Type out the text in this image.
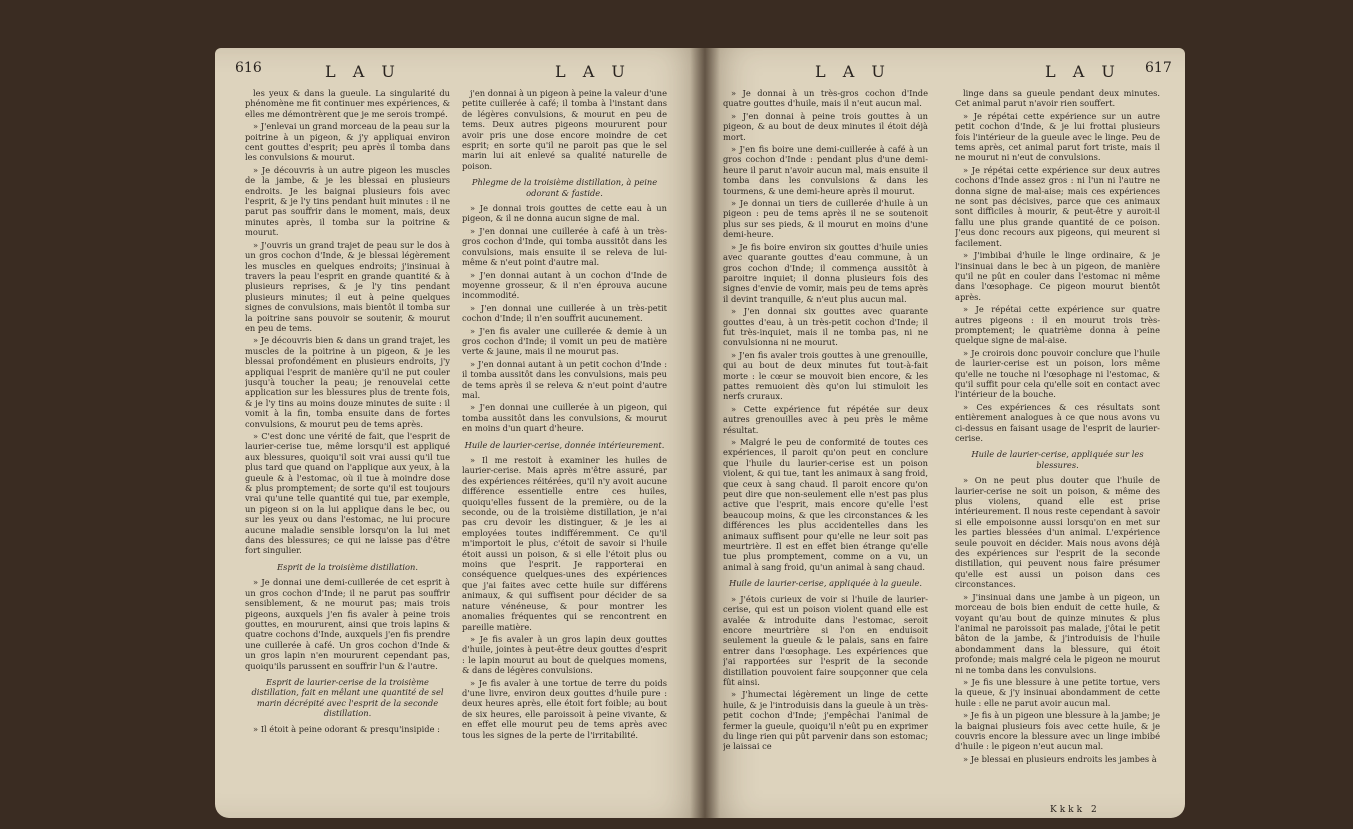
616	L A U	L A U

les yeux & dans la gueule. La singularité du phénomène me fit continuer mes expériences, & elles me démontrèrent que je me serois trompé.

» J'enlevai un grand morceau de la peau sur la poitrine à un pigeon, & j'y appliquai environ cent gouttes d'esprit; peu après il tomba dans les convulsions & mourut.

» Je découvris à un autre pigeon les muscles de la jambe, & je les blessai en plusieurs endroits. Je les baignai plusieurs fois avec l'esprit, & je l'y tins pendant huit minutes : il ne parut pas souffrir dans le moment, mais, deux minutes après, il tomba sur la poitrine & mourut.

» J'ouvris un grand trajet de peau sur le dos à un gros cochon d'Inde, & je blessai légèrement les muscles en quelques endroits; j'insinuai à travers la peau l'esprit en grande quantité & à plusieurs reprises, & je l'y tins pendant plusieurs minutes; il eut à peine quelques signes de convulsions, mais bientôt il tomba sur la poitrine sans pouvoir se soutenir, & mourut en peu de tems.

» Je découvris bien & dans un grand trajet, les muscles de la poitrine à un pigeon, & je les blessai profondément en plusieurs endroits, j'y appliquai l'esprit de manière qu'il ne put couler jusqu'à toucher la peau; je renouvelai cette application sur les blessures plus de trente fois, & je l'y tins au moins douze minutes de suite : il vomit à la fin, tomba ensuite dans de fortes convulsions, & mourut peu de tems après.

» C'est donc une vérité de fait, que l'esprit de laurier-cerise tue, même lorsqu'il est appliqué aux blessures, quoiqu'il soit vrai aussi qu'il tue plus tard que quand on l'applique aux yeux, à la gueule & à l'estomac, où il tue à moindre dose & plus promptement; de sorte qu'il est toujours vrai qu'une telle quantité qui tue, par exemple, un pigeon si on la lui applique dans le bec, ou sur les yeux ou dans l'estomac, ne lui procure aucune maladie sensible lorsqu'on la lui met dans des blessures; ce qui ne laisse pas d'être fort singulier.

Esprit de la troisième distillation.

» Je donnai une demi-cuillerée de cet esprit à un gros cochon d'Inde; il ne parut pas souffrir sensiblement, & ne mourut pas; mais trois pigeons, auxquels j'en fis avaler à peine trois gouttes, en moururent, ainsi que trois lapins & quatre cochons d'Inde, auxquels j'en fis prendre une cuillerée à café. Un gros cochon d'Inde & un gros lapin n'en moururent cependant pas, quoiqu'ils parussent en souffrir l'un & l'autre.

Esprit de laurier-cerise de la troisième distillation, fait en mêlant une quantité de sel marin décrépité avec l'esprit de la seconde distillation.

» Il étoit à peine odorant & presqu'insipide :

j'en donnai à un pigeon à peine la valeur d'une petite cuillerée à café; il tomba à l'instant dans de légères convulsions, & mourut en peu de tems. Deux autres pigeons moururent pour avoir pris une dose encore moindre de cet esprit; en sorte qu'il ne paroit pas que le sel marin lui ait enlevé sa qualité naturelle de poison.

Phlegme de la troisième distillation, à peine odorant & fastide.

» Je donnai trois gouttes de cette eau à un pigeon, & il ne donna aucun signe de mal.

» J'en donnai une cuillerée à café à un très-gros cochon d'Inde, qui tomba aussitôt dans les convulsions, mais ensuite il se releva de lui-même & n'eut point d'autre mal.

» J'en donnai autant à un cochon d'Inde de moyenne grosseur, & il n'en éprouva aucune incommodité.

» J'en donnai une cuillerée à un très-petit cochon d'Inde; il n'en souffrit aucunement.

» J'en fis avaler une cuillerée & demie à un gros cochon d'Inde; il vomit un peu de matière verte & jaune, mais il ne mourut pas.

» J'en donnai autant à un petit cochon d'Inde : il tomba aussitôt dans les convulsions, mais peu de tems après il se releva & n'eut point d'autre mal.

» J'en donnai une cuillerée à un pigeon, qui tomba aussitôt dans les convulsions, & mourut en moins d'un quart d'heure.

Huile de laurier-cerise, donnée intérieurement.

» Il me restoit à examiner les huiles de laurier-cerise. Mais après m'être assuré, par des expériences réitérées, qu'il n'y avoit aucune différence essentielle entre ces huiles, quoiqu'elles fussent de la première, ou de la seconde, ou de la troisième distillation, je n'ai pas cru devoir les distinguer, & je les ai employées toutes indifféremment. Ce qu'il m'importoit le plus, c'étoit de savoir si l'huile étoit aussi un poison, & si elle l'étoit plus ou moins que l'esprit. Je rapporterai en conséquence quelques-unes des expériences que j'ai faites avec cette huile sur différens animaux, & qui suffisent pour décider de sa nature vénéneuse, & pour montrer les anomalies fréquentes qui se rencontrent en pareille matière.

» Je fis avaler à un gros lapin deux gouttes d'huile, jointes à peut-être deux gouttes d'esprit : le lapin mourut au bout de quelques momens, & dans de légères convulsions.

» Je fis avaler à une tortue de terre du poids d'une livre, environ deux gouttes d'huile pure : deux heures après, elle étoit fort foible; au bout de six heures, elle paroissoit à peine vivante, & en effet elle mourut peu de tems après avec tous les signes de la perte de l'irritabilité.

L A U	L A U 617

» Je donnai à un très-gros cochon d'Inde quatre gouttes d'huile, mais il n'eut aucun mal.

» J'en donnai à peine trois gouttes à un pigeon, & au bout de deux minutes il étoit déjà mort.

» J'en fis boire une demi-cuillerée à café à un gros cochon d'Inde : pendant plus d'une demi-heure il parut n'avoir aucun mal, mais ensuite il tomba dans les convulsions & dans les tourmens, & une demi-heure après il mourut.

» Je donnai un tiers de cuillerée d'huile à un pigeon : peu de tems après il ne se soutenoit plus sur ses pieds, & il mourut en moins d'une demi-heure.

» Je fis boire environ six gouttes d'huile unies avec quarante gouttes d'eau commune, à un gros cochon d'Inde; il commença aussitôt à paroitre inquiet; il donna plusieurs fois des signes d'envie de vomir, mais peu de tems après il devint tranquille, & n'eut plus aucun mal.

» J'en donnai six gouttes avec quarante gouttes d'eau, à un très-petit cochon d'Inde; il fut très-inquiet, mais il ne tomba pas, ni ne convulsionna ni ne mourut.

» J'en fis avaler trois gouttes à une grenouille, qui au bout de deux minutes fut tout-à-fait morte : le cœur se mouvoit bien encore, & les pattes remuoient dès qu'on lui stimuloit les nerfs cruraux.

» Cette expérience fut répétée sur deux autres grenouilles avec à peu près le même résultat.

» Malgré le peu de conformité de toutes ces expériences, il paroit qu'on peut en conclure que l'huile du laurier-cerise est un poison violent, & qui tue, tant les animaux à sang froid, que ceux à sang chaud. Il paroit encore qu'on peut dire que non-seulement elle n'est pas plus active que l'esprit, mais encore qu'elle l'est beaucoup moins, & que les circonstances & les différences les plus accidentelles dans les animaux suffisent pour qu'elle ne leur soit pas meurtrière. Il est en effet bien étrange qu'elle tue plus promptement, comme on a vu, un animal à sang froid, qu'un animal à sang chaud.

Huile de laurier-cerise, appliquée à la gueule.

» J'étois curieux de voir si l'huile de laurier-cerise, qui est un poison violent quand elle est avalée & introduite dans l'estomac, seroit encore meurtrière si l'on en enduisoit seulement la gueule & le palais, sans en faire entrer dans l'œsophage. Les expériences que j'ai rapportées sur l'esprit de la seconde distillation pouvoient faire soupçonner que cela fût ainsi.

» J'humectai légèrement un linge de cette huile, & je l'introduisis dans la gueule à un très-petit cochon d'Inde; j'empêchai l'animal de fermer la gueule, quoiqu'il n'eût pu en exprimer du linge rien qui pût parvenir dans son estomac; je laissai ce

linge dans sa gueule pendant deux minutes. Cet animal parut n'avoir rien souffert.

» Je répétai cette expérience sur un autre petit cochon d'Inde, & je lui frottai plusieurs fois l'intérieur de la gueule avec le linge. Peu de tems après, cet animal parut fort triste, mais il ne mourut ni n'eut de convulsions.

» Je répétai cette expérience sur deux autres cochons d'Inde assez gros : ni l'un ni l'autre ne donna signe de mal-aise; mais ces expériences ne sont pas décisives, parce que ces animaux sont difficiles à mourir, & peut-être y auroit-il fallu une plus grande quantité de ce poison. J'eus donc recours aux pigeons, qui meurent si facilement.

» J'imbibai d'huile le linge ordinaire, & je l'insinuai dans le bec à un pigeon, de manière qu'il ne pût en couler dans l'estomac ni même dans l'œsophage. Ce pigeon mourut bientôt après.

» Je répétai cette expérience sur quatre autres pigeons : il en mourut trois très-promptement; le quatrième donna à peine quelque signe de mal-aise.

» Je croirois donc pouvoir conclure que l'huile de laurier-cerise est un poison, lors même qu'elle ne touche ni l'œsophage ni l'estomac, & qu'il suffit pour cela qu'elle soit en contact avec l'intérieur de la bouche.

» Ces expériences & ces résultats sont entièrement analogues à ce que nous avons vu ci-dessus en faisant usage de l'esprit de laurier-cerise.

Huile de laurier-cerise, appliquée sur les blessures.

» On ne peut plus douter que l'huile de laurier-cerise ne soit un poison, & même des plus violens, quand elle est prise intérieurement. Il nous reste cependant à savoir si elle empoisonne aussi lorsqu'on en met sur les parties blessées d'un animal. L'expérience seule pouvoit en décider. Mais nous avons déjà des expériences sur l'esprit de la seconde distillation, qui peuvent nous faire présumer qu'elle est aussi un poison dans ces circonstances.

» J'insinuai dans une jambe à un pigeon, un morceau de bois bien enduit de cette huile, & voyant qu'au bout de quinze minutes & plus l'animal ne paroissoit pas malade, j'ôtai le petit bâton de la jambe, & j'introduisis de l'huile abondamment dans la blessure, qui étoit profonde; mais malgré cela le pigeon ne mourut ni ne tomba dans les convulsions.

» Je fis une blessure à une petite tortue, vers la queue, & j'y insinuai abondamment de cette huile : elle ne parut avoir aucun mal.

» Je fis à un pigeon une blessure à la jambe; je la baignai plusieurs fois avec cette huile, & je couvris encore la blessure avec un linge imbibé d'huile : le pigeon n'eut aucun mal.

» Je blessai en plusieurs endroits les jambes à

Kkkk 2
